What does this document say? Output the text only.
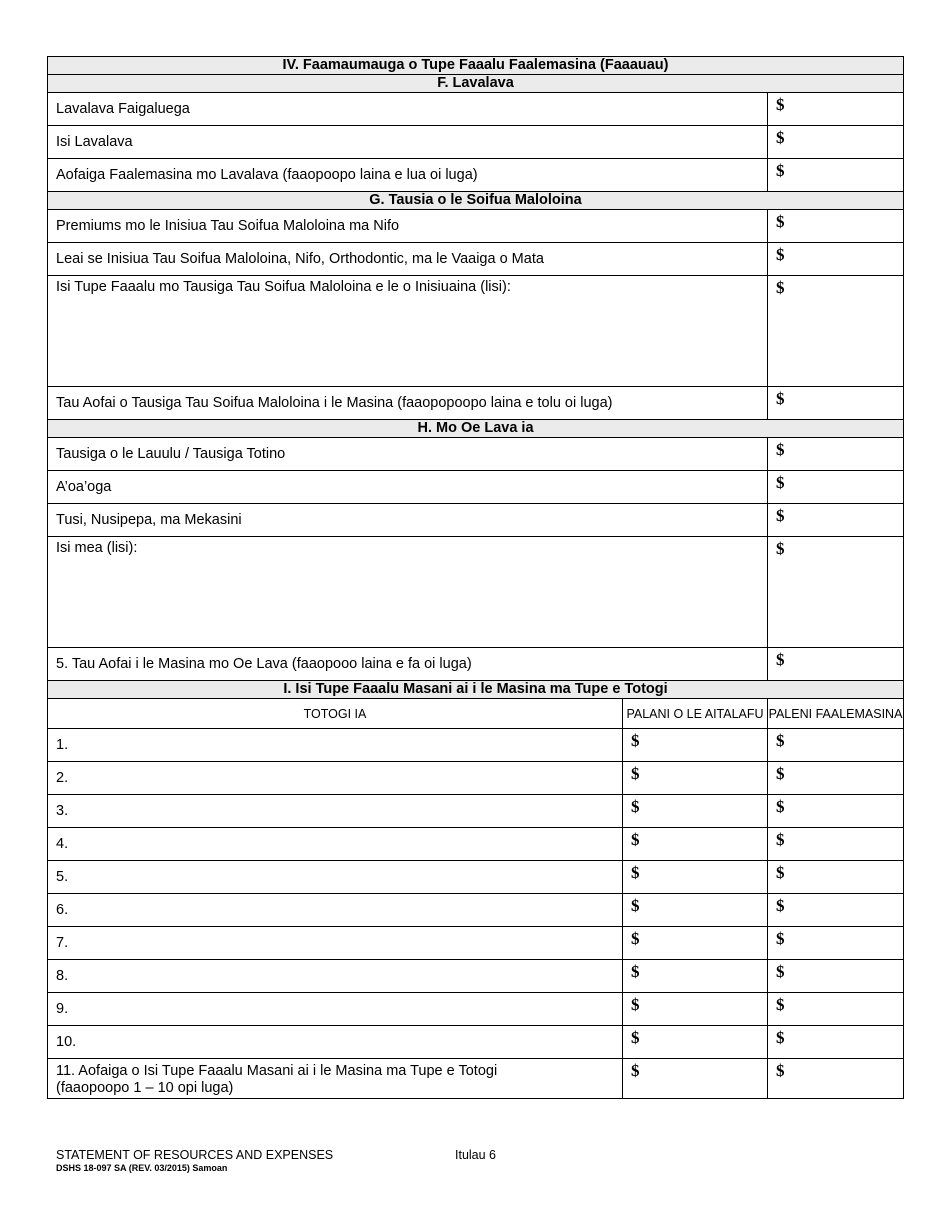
IV. Faamaumauga o Tupe Faaalu Faalemasina (Faaauau)		
F. Lavalava		
Lavalava Faigaluega		$
Isi Lavalava		$
Aofaiga Faalemasina mo Lavalava (faaopoopo laina e lua oi luga)		$
G. Tausia o le Soifua Maloloina		
Premiums mo le Inisiua Tau Soifua Maloloina ma Nifo		$
Leai se Inisiua Tau Soifua Maloloina, Nifo, Orthodontic, ma le Vaaiga o Mata		$
Isi Tupe Faaalu mo Tausiga Tau Soifua Maloloina e le o Inisiuaina (lisi):		$
Tau Aofai o Tausiga Tau Soifua Maloloina i le Masina (faaopopoopo laina e tolu oi luga)		$
H. Mo Oe Lava ia		
Tausiga o le Lauulu / Tausiga Totino		$
A’oa’oga		$
Tusi, Nusipepa, ma Mekasini		$
Isi mea (lisi):		$
5. Tau Aofai i le Masina mo Oe Lava (faaopooo laina e fa oi luga)		$
I. Isi Tupe Faaalu Masani ai i le Masina ma Tupe e Totogi		
TOTOGI IA	PALANI O LE AITALAFU	PALENI FAALEMASINA
1.	$	$
2.	$	$
3.	$	$
4.	$	$
5.	$	$
6.	$	$
7.	$	$
8.	$	$
9.	$	$
10.	$	$

11. Aofaiga o Isi Tupe Faaalu Masani ai i le Masina ma Tupe e Totogi
(faaopoopo 1 – 10 opi luga)	$	$
STATEMENT OF RESOURCES AND EXPENSES
DSHS 18-097 SA (REV. 03/2015) Samoan
Itulau 6
